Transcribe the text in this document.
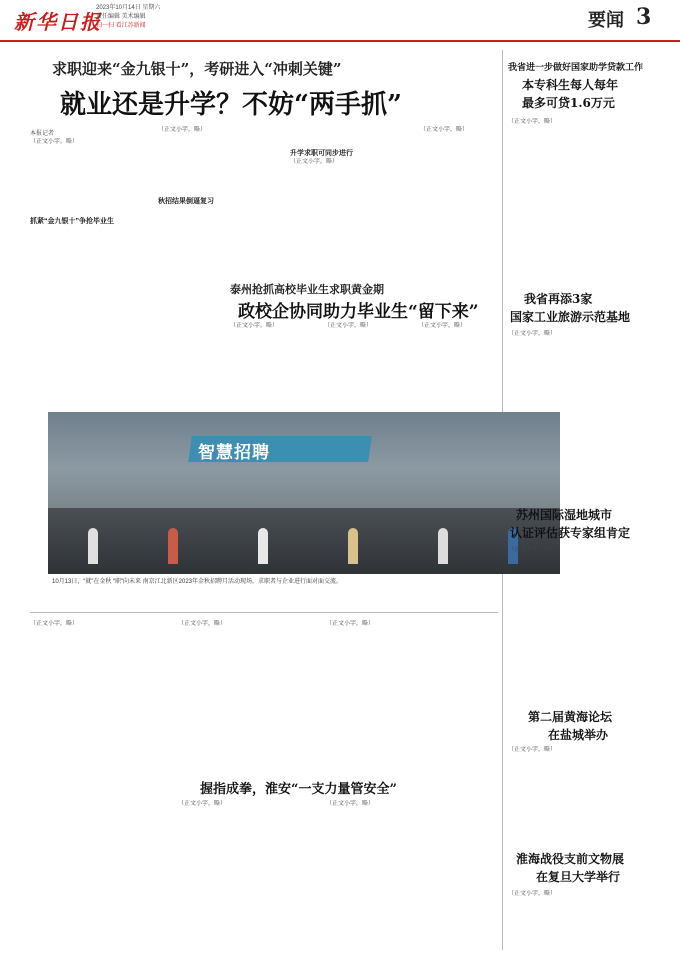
新华日报
2023年10月14日 星期六
责任编辑 美术编辑
扫一扫 看江苏新闻	要闻 3
求职迎来“金九银十”，考研进入“冲刺关键”
就业还是升学？不妨“两手抓”
本报记者
抓紧“金九银十”争抢毕业生
秋招结果倒逼复习
升学求职可同步进行
（正文小字，略）
（正文小字，略）
（正文小字，略）
（正文小字，略）
泰州抢抓高校毕业生求职黄金期
政校企协同助力毕业生“留下来”
（正文小字，略）	（正文小字，略）	（正文小字，略）
智慧招聘
10月13日，“就”在金秋 “职”向未来 南京江北新区2023年金秋招聘月活动现场，求职者与企业进行面对面交流。
（正文小字，略）	（正文小字，略）	（正文小字，略）
握指成拳，淮安“一支力量管安全”
（正文小字，略）	（正文小字，略）
我省进一步做好国家助学贷款工作
本专科生每人每年
最多可贷1.6万元
（正文小字，略）
我省再添3家
国家工业旅游示范基地
（正文小字，略）
苏州国际湿地城市
认证评估获专家组肯定
（正文小字，略）
第二届黄海论坛
在盐城举办
（正文小字，略）
淮海战役支前文物展
在复旦大学举行
（正文小字，略）
